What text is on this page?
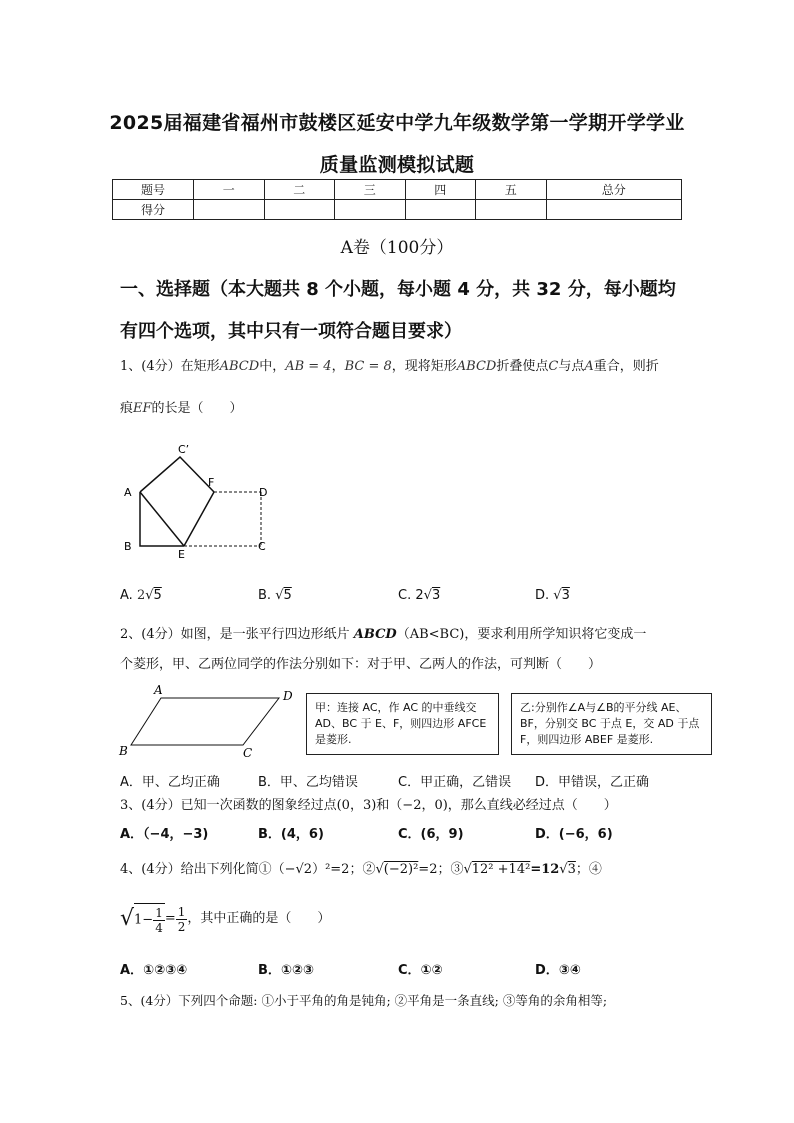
2025届福建省福州市鼓楼区延安中学九年级数学第一学期开学学业
质量监测模拟试题
题号	一	二	三	四	五	总分
得分						
A卷（100分）
一、选择题（本大题共 8 个小题，每小题 4 分，共 32 分，每小题均
有四个选项，其中只有一项符合题目要求）
1、(4分）在矩形ABCD中，AB = 4，BC = 8，现将矩形ABCD折叠使点C与点A重合，则折
痕EF的长是（　　）
C’
A
F
D
B
E
C
A. 2√5	B. √5	C. 2√3	D. √3
2、(4分）如图，是一张平行四边形纸片 ABCD（AB<BC)，要求利用所学知识将它变成一
个菱形，甲、乙两位同学的作法分别如下：对于甲、乙两人的作法，可判断（　　）
A	D
B	C
甲：连接 AC，作 AC 的中垂线交 AD、BC 于 E、F，则四边形 AFCE 是菱形.
乙:分别作∠A与∠B的平分线 AE、BF，分别交 BC 于点 E，交 AD 于点 F，则四边形 ABEF 是菱形.
A．甲、乙均正确	B．甲、乙均错误	C．甲正确，乙错误 D．甲错误，乙正确
3、(4分）已知一次函数的图象经过点(0，3)和（−2，0)，那么直线必经过点（　　）
A．（−4，−3)	B．(4，6)	C．(6，9)	D．(−6，6)
4、(4分）给出下列化简①（−√2）²=2；②√(−2)²=2；③√12² +14²=12√3；④
$√1- \frac{1}{4} = \frac{1}{2}$ ，其中正确的是（　　）
A．①②③④	B．①②③	C．①②	D．③④
5、(4分）下列四个命题: ①小于平角的角是钝角; ②平角是一条直线; ③等角的余角相等;
